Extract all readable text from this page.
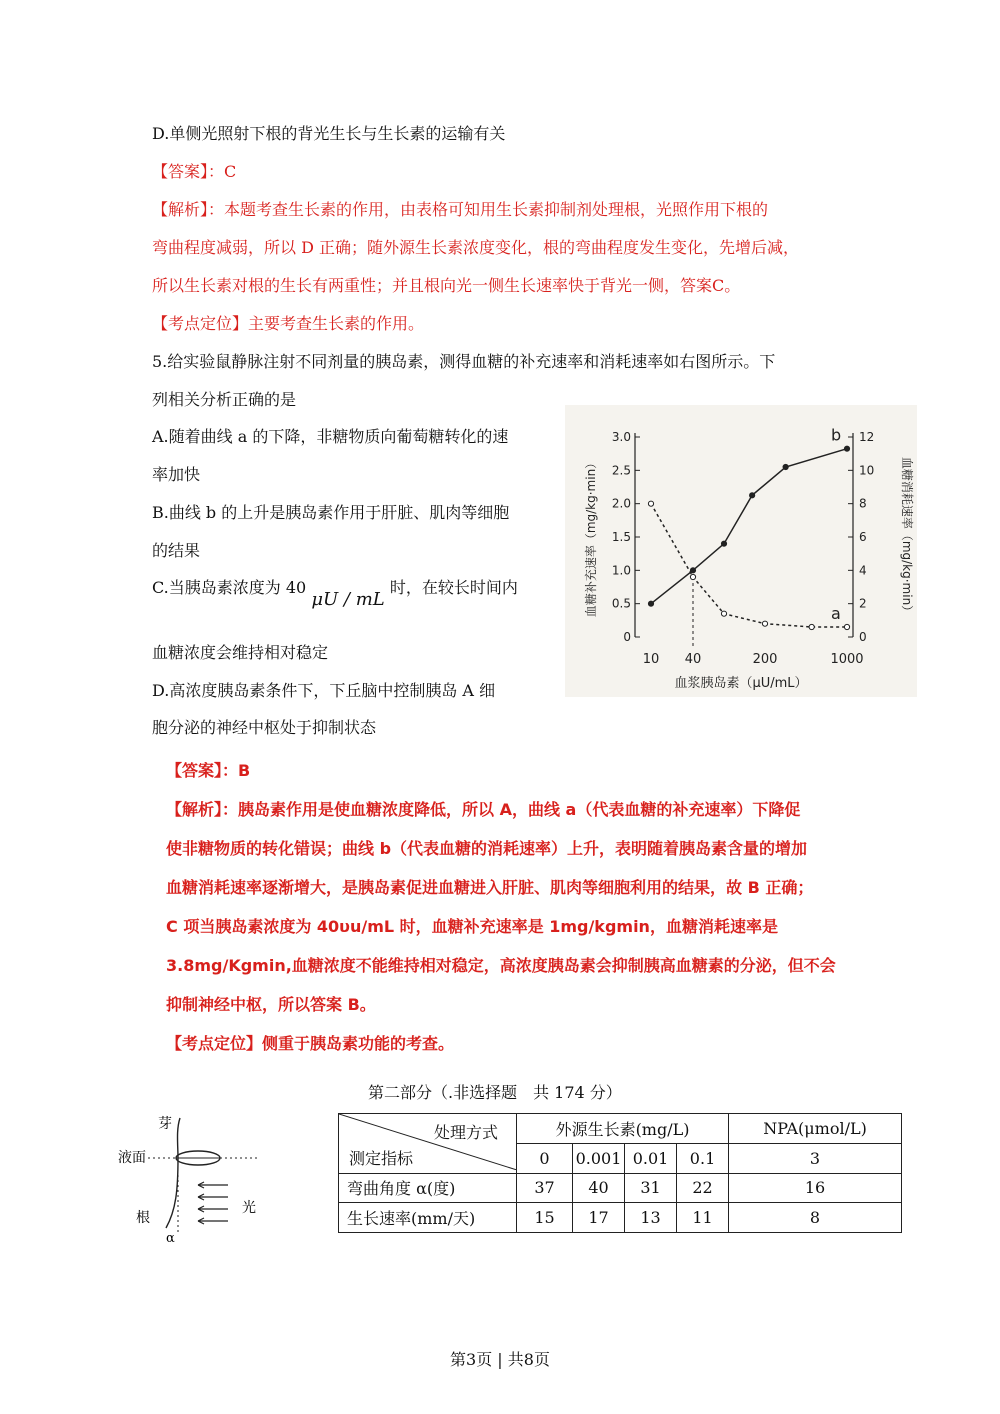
D.单侧光照射下根的背光生长与生长素的运输有关
【答案】：C
【解析】：本题考查生长素的作用，由表格可知用生长素抑制剂处理根，光照作用下根的
弯曲程度减弱，所以 D 正确；随外源生长素浓度变化，根的弯曲程度发生变化，先增后减，
所以生长素对根的生长有两重性；并且根向光一侧生长速率快于背光一侧，答案C。
【考点定位】主要考查生长素的作用。
5.给实验鼠静脉注射不同剂量的胰岛素，测得血糖的补充速率和消耗速率如右图所示。下
列相关分析正确的是
A.随着曲线 a 的下降，非糖物质向葡萄糖转化的速
率加快
B.曲线 b 的上升是胰岛素作用于肝脏、肌肉等细胞
的结果
C.当胰岛素浓度为 40 μU / mL 时，在较长时间内
血糖浓度会维持相对稳定
D.高浓度胰岛素条件下，下丘脑中控制胰岛 A 细
胞分泌的神经中枢处于抑制状态
0
0.5
1.0
1.5
2.0
2.5
3.0
0
2
4
6
8
10
12
10 40	200	1000
血浆胰岛素（μU/mL）
血糖补充速率（mg/kg·min）	血糖消耗速率（mg/kg·min）
a
b
【答案】：B
【解析】：胰岛素作用是使血糖浓度降低，所以 A，曲线 a（代表血糖的补充速率）下降促
使非糖物质的转化错误；曲线 b（代表血糖的消耗速率）上升，表明随着胰岛素含量的增加
血糖消耗速率逐渐增大，是胰岛素促进血糖进入肝脏、肌肉等细胞利用的结果，故 B 正确；
C 项当胰岛素浓度为 40υu/mL 时，血糖补充速率是 1mg/kgmin，血糖消耗速率是
3.8mg/Kgmin,血糖浓度不能维持相对稳定，高浓度胰岛素会抑制胰高血糖素的分泌，但不会
抑制神经中枢，所以答案 B。
【考点定位】侧重于胰岛素功能的考查。
第二部分（.非选择题　共 174 分）
芽
液面
光
根
α
处理方式
测定指标	外源生长素(mg/L)				NPA(μmol/L)
	0	0.001	0.01	0.1	3
弯曲角度 α(度)	37	40	31	22	16
生长速率(mm/天)	15	17	13	11	8
第3页 | 共8页
